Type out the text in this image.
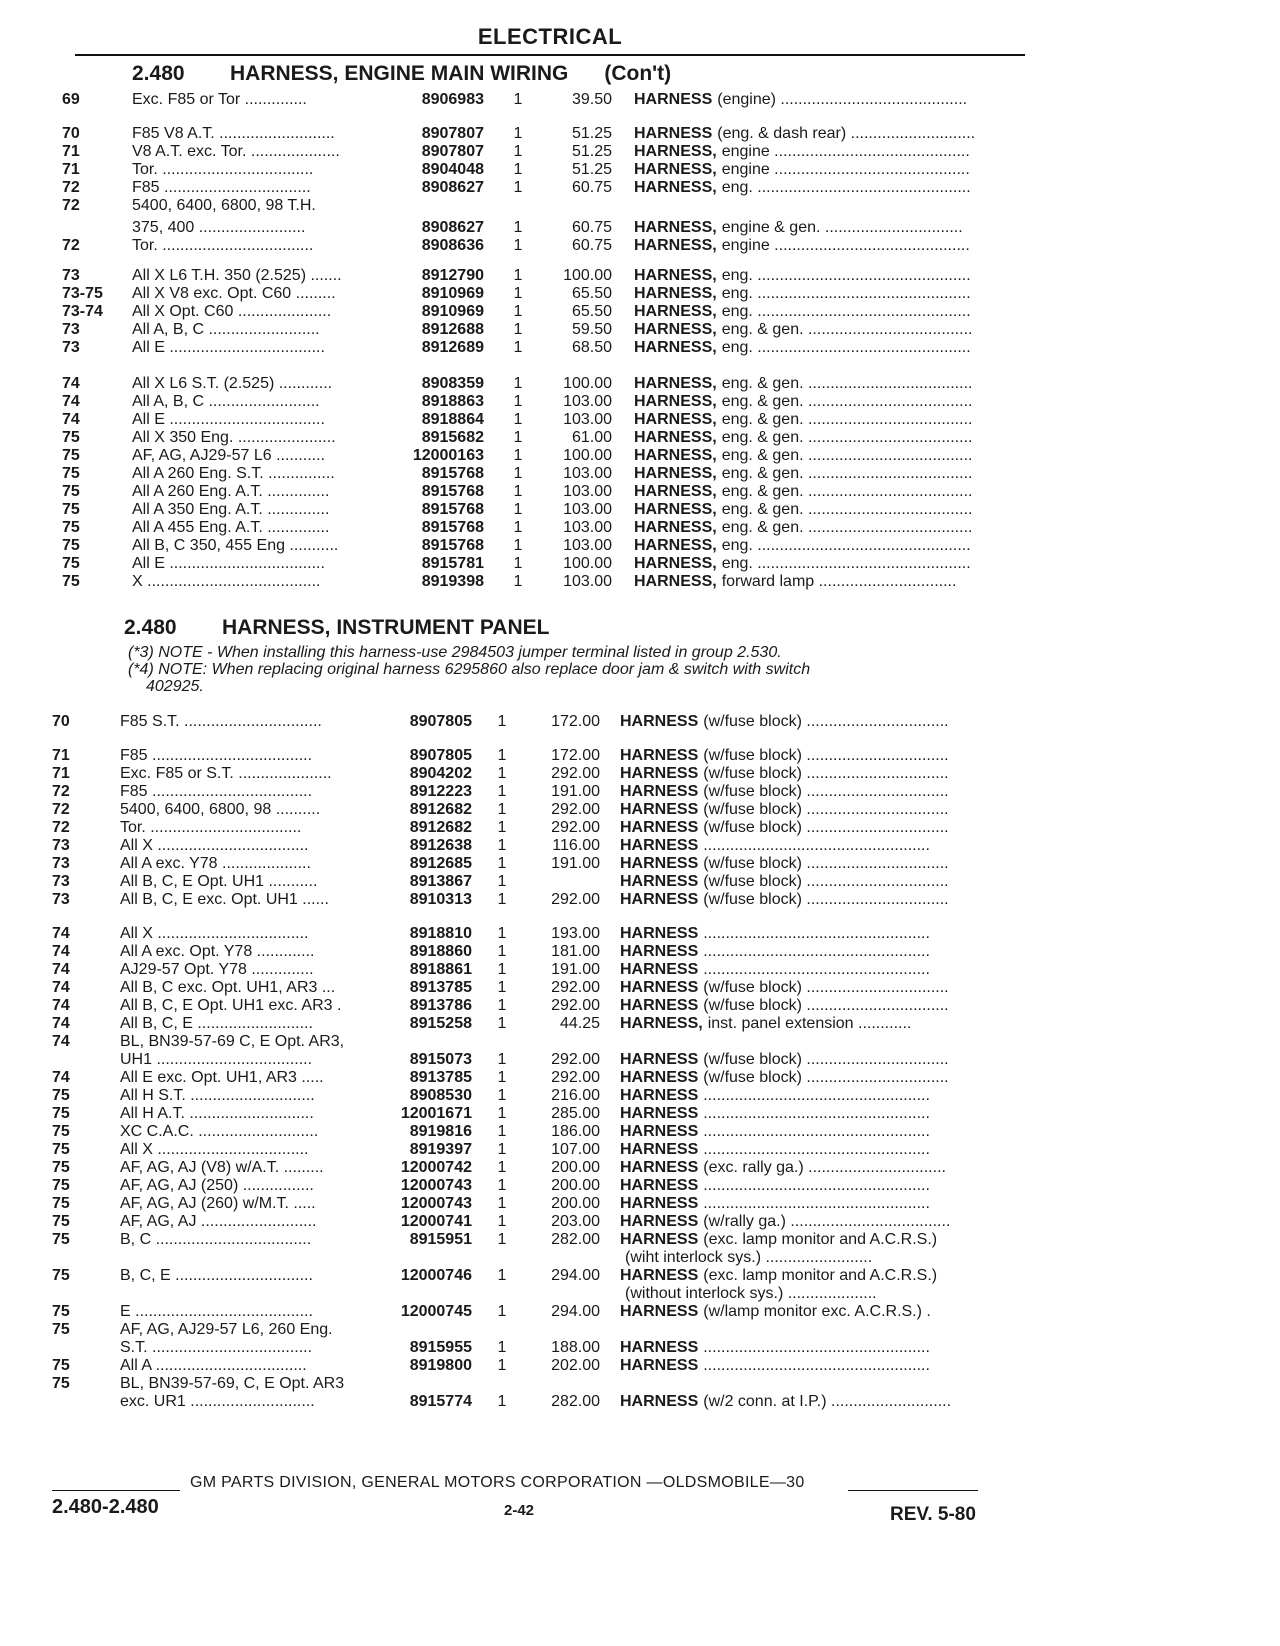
ELECTRICAL
2.480 HARNESS, ENGINE MAIN WIRING (Con't)
69	Exc. F85 or Tor ..............	8906983	1	39.50 HARNESS (engine) ..........................................
70	F85 V8 A.T. ..........................	8907807	1	51.25 HARNESS (eng. & dash rear) ............................
71	V8 A.T. exc. Tor. ....................	8907807	1	51.25 HARNESS, engine ............................................
71	Tor. ..................................	8904048	1	51.25 HARNESS, engine ............................................
72	F85 .................................	8908627	1	60.75 HARNESS, eng. ................................................
72	5400, 6400, 6800, 98 T.H.
375, 400 ........................	8908627	1	60.75 HARNESS, engine & gen. ...............................
72	Tor. ..................................	8908636	1	60.75 HARNESS, engine ............................................
73	All X L6 T.H. 350 (2.525) .......	8912790	1	100.00 HARNESS, eng. ................................................
73-75	All X V8 exc. Opt. C60 .........	8910969	1	65.50 HARNESS, eng. ................................................
73-74	All X Opt. C60 .....................	8910969	1	65.50 HARNESS, eng. ................................................
73	All A, B, C .........................	8912688	1	59.50 HARNESS, eng. & gen. .....................................
73	All E ...................................	8912689	1	68.50 HARNESS, eng. ................................................
74	All X L6 S.T. (2.525) ............	8908359	1	100.00 HARNESS, eng. & gen. .....................................
74	All A, B, C .........................	8918863	1	103.00 HARNESS, eng. & gen. .....................................
74	All E ...................................	8918864	1	103.00 HARNESS, eng. & gen. .....................................
75	All X 350 Eng. ......................	8915682	1	61.00 HARNESS, eng. & gen. .....................................
75	AF, AG, AJ29-57 L6 ...........	12000163	1	100.00 HARNESS, eng. & gen. .....................................
75	All A 260 Eng. S.T. ...............	8915768	1	103.00 HARNESS, eng. & gen. .....................................
75	All A 260 Eng. A.T. ..............	8915768	1	103.00 HARNESS, eng. & gen. .....................................
75	All A 350 Eng. A.T. ..............	8915768	1	103.00 HARNESS, eng. & gen. .....................................
75	All A 455 Eng. A.T. ..............	8915768	1	103.00 HARNESS, eng. & gen. .....................................
75	All B, C 350, 455 Eng ...........	8915768	1	103.00 HARNESS, eng. ................................................
75	All E ...................................	8915781	1	100.00 HARNESS, eng. ................................................
75	X .......................................	8919398	1	103.00 HARNESS, forward lamp ...............................
2.480 HARNESS, INSTRUMENT PANEL
(*3) NOTE - When installing this harness-use 2984503 jumper terminal listed in group 2.530.
(*4) NOTE: When replacing original harness 6295860 also replace door jam & switch with switch
402925.
70	F85 S.T. ...............................	8907805	1	172.00 HARNESS (w/fuse block) ................................
71	F85 ....................................	8907805	1	172.00 HARNESS (w/fuse block) ................................
71	Exc. F85 or S.T. .....................	8904202	1	292.00 HARNESS (w/fuse block) ................................
72	F85 ....................................	8912223	1	191.00 HARNESS (w/fuse block) ................................
72	5400, 6400, 6800, 98 ..........	8912682	1	292.00 HARNESS (w/fuse block) ................................
72	Tor. ..................................	8912682	1	292.00 HARNESS (w/fuse block) ................................
73	All X ..................................	8912638	1	116.00 HARNESS ...................................................
73	All A exc. Y78 ....................	8912685	1	191.00 HARNESS (w/fuse block) ................................
73	All B, C, E Opt. UH1 ...........	8913867	1	HARNESS (w/fuse block) ................................
73	All B, C, E exc. Opt. UH1 ......	8910313	1	292.00 HARNESS (w/fuse block) ................................
74	All X ..................................	8918810	1	193.00 HARNESS ...................................................
74	All A exc. Opt. Y78 .............	8918860	1	181.00 HARNESS ...................................................
74	AJ29-57 Opt. Y78 ..............	8918861	1	191.00 HARNESS ...................................................
74	All B, C exc. Opt. UH1, AR3 ...	8913785	1	292.00 HARNESS (w/fuse block) ................................
74	All B, C, E Opt. UH1 exc. AR3 .	8913786	1	292.00 HARNESS (w/fuse block) ................................
74	All B, C, E ..........................	8915258	1	44.25 HARNESS, inst. panel extension ............
74	BL, BN39-57-69 C, E Opt. AR3,
UH1 ...................................	8915073	1	292.00 HARNESS (w/fuse block) ................................
74	All E exc. Opt. UH1, AR3 .....	8913785	1	292.00 HARNESS (w/fuse block) ................................
75	All H S.T. ............................	8908530	1	216.00 HARNESS ...................................................
75	All H A.T. ............................	12001671	1	285.00 HARNESS ...................................................
75	XC C.A.C. ...........................	8919816	1	186.00 HARNESS ...................................................
75	All X ..................................	8919397	1	107.00 HARNESS ...................................................
75	AF, AG, AJ (V8) w/A.T. .........	12000742	1	200.00 HARNESS (exc. rally ga.) ...............................
75	AF, AG, AJ (250) ................	12000743	1	200.00 HARNESS ...................................................
75	AF, AG, AJ (260) w/M.T. .....	12000743	1	200.00 HARNESS ...................................................
75	AF, AG, AJ ..........................	12000741	1	203.00 HARNESS (w/rally ga.) ....................................
75	B, C ...................................	8915951	1	282.00 HARNESS (exc. lamp monitor and A.C.R.S.)
(wiht interlock sys.) ........................
75	B, C, E ...............................	12000746	1	294.00 HARNESS (exc. lamp monitor and A.C.R.S.)
(without interlock sys.) ....................
75	E ........................................	12000745	1	294.00 HARNESS (w/lamp monitor exc. A.C.R.S.) .
75	AF, AG, AJ29-57 L6, 260 Eng.
S.T. ....................................	8915955	1	188.00 HARNESS ...................................................
75	All A ..................................	8919800	1	202.00 HARNESS ...................................................
75	BL, BN39-57-69, C, E Opt. AR3
exc. UR1 ............................	8915774	1	282.00 HARNESS (w/2 conn. at I.P.) ...........................
GM PARTS DIVISION, GENERAL MOTORS CORPORATION —OLDSMOBILE—30
2.480-2.480	2-42	REV. 5-80
